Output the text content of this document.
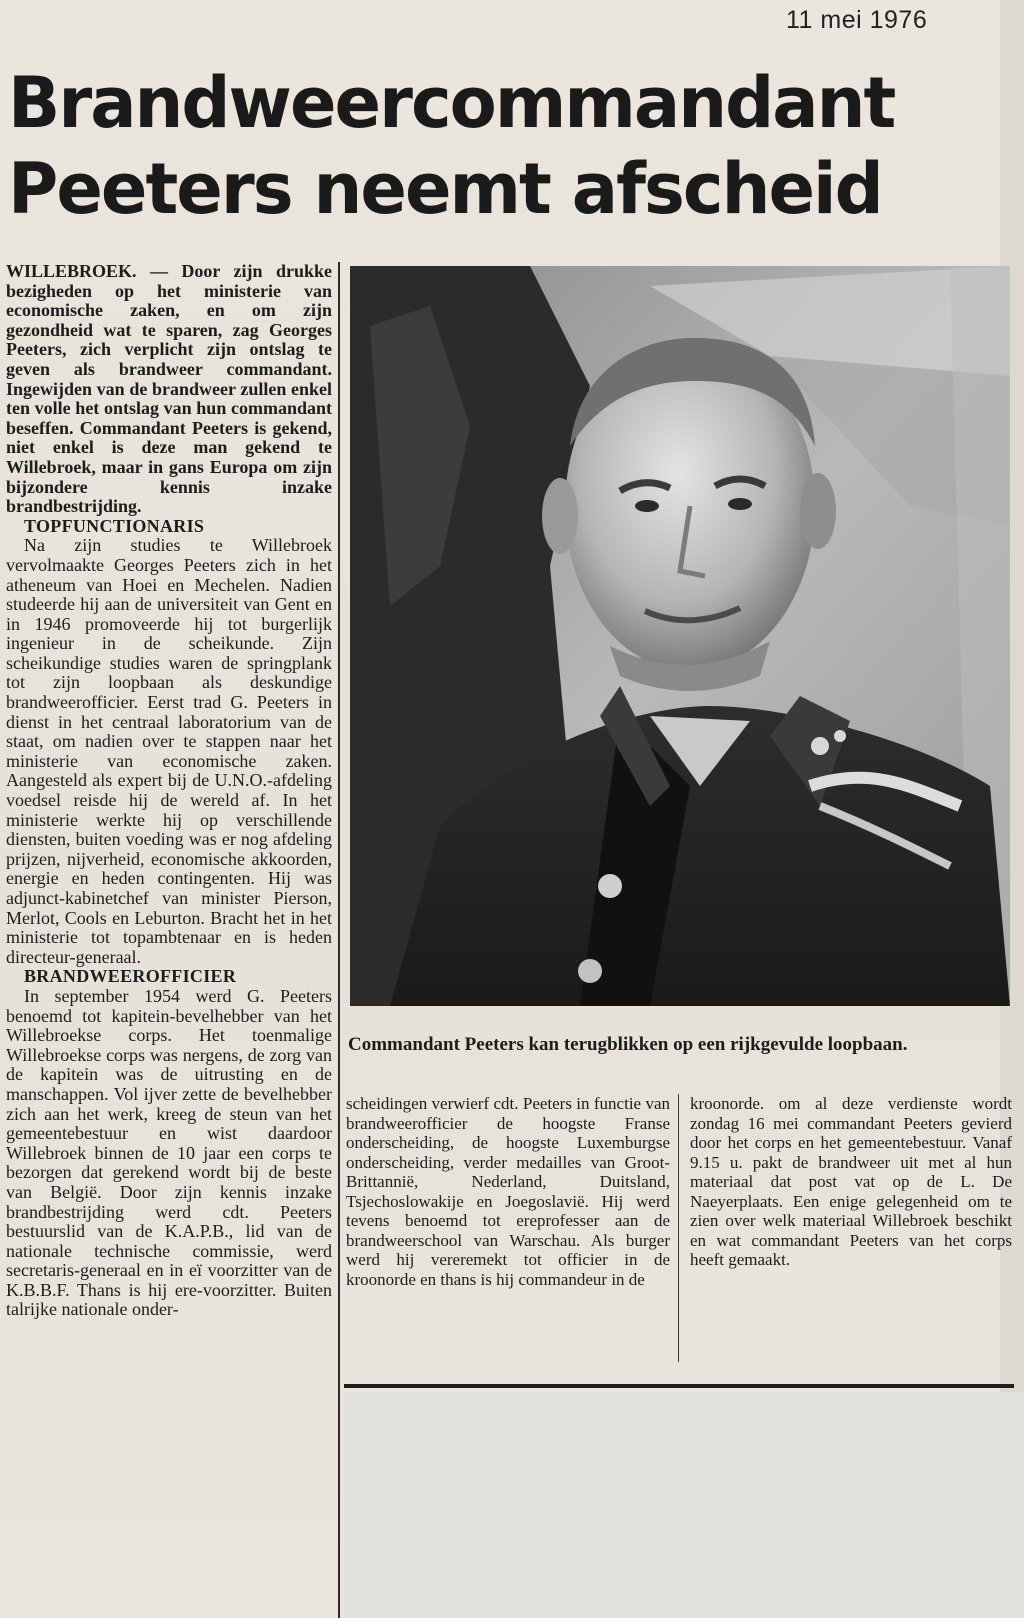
11 mei 1976
Brandweercommandant Peeters neemt afscheid

WILLEBROEK. — Door zijn drukke bezigheden op het ministerie van economische zaken, en om zijn gezondheid wat te sparen, zag Georges Peeters, zich verplicht zijn ontslag te geven als brandweer commandant. Ingewijden van de brandweer zullen enkel ten volle het ontslag van hun commandant beseffen. Commandant Peeters is gekend, niet enkel is deze man gekend te Willebroek, maar in gans Europa om zijn bijzondere kennis inzake brandbestrijding.

TOPFUNCTIONARIS

Na zijn studies te Willebroek vervolmaakte Georges Peeters zich in het atheneum van Hoei en Mechelen. Nadien studeerde hij aan de universiteit van Gent en in 1946 promoveerde hij tot burgerlijk ingenieur in de scheikunde. Zijn scheikundige studies waren de springplank tot zijn loopbaan als deskundige brandweerofficier. Eerst trad G. Peeters in dienst in het centraal laboratorium van de staat, om nadien over te stappen naar het ministerie van economische zaken. Aangesteld als expert bij de U.N.O.-afdeling voedsel reisde hij de wereld af. In het ministerie werkte hij op verschillende diensten, buiten voeding was er nog afdeling prijzen, nijverheid, economische akkoorden, energie en heden contingenten. Hij was adjunct-kabinetchef van minister Pierson, Merlot, Cools en Leburton. Bracht het in het ministerie tot topambtenaar en is heden directeur-generaal.

BRANDWEEROFFICIER

In september 1954 werd G. Peeters benoemd tot kapitein-bevelhebber van het Willebroekse corps. Het toenmalige Willebroekse corps was nergens, de zorg van de kapitein was de uitrusting en de manschappen. Vol ijver zette de bevelhebber zich aan het werk, kreeg de steun van het gemeentebestuur en wist daardoor Willebroek binnen de 10 jaar een corps te bezorgen dat gerekend wordt bij de beste van België. Door zijn kennis inzake brandbestrijding werd cdt. Peeters bestuurslid van de K.A.P.B., lid van de nationale technische commissie, werd secretaris-generaal en in eï voorzitter van de K.B.B.F. Thans is hij ere-voorzitter. Buiten talrijke nationale onder-

Commandant Peeters kan terugblikken op een rijkgevulde loopbaan.

scheidingen verwierf cdt. Peeters in functie van brandweerofficier de hoogste Franse onderscheiding, de hoogste Luxemburgse onderscheiding, verder medailles van Groot-Brittannië, Nederland, Duitsland, Tsjechoslowakije en Joegoslavië. Hij werd tevens benoemd tot ereprofesser aan de brandweerschool van Warschau. Als burger werd hij vereremekt tot officier in de kroonorde en thans is hij commandeur in de

kroonorde. om al deze verdienste wordt zondag 16 mei commandant Peeters gevierd door het corps en het gemeentebestuur. Vanaf 9.15 u. pakt de brandweer uit met al hun materiaal dat post vat op de L. De Naeyerplaats. Een enige gelegenheid om te zien over welk materiaal Willebroek beschikt en wat commandant Peeters van het corps heeft gemaakt.
